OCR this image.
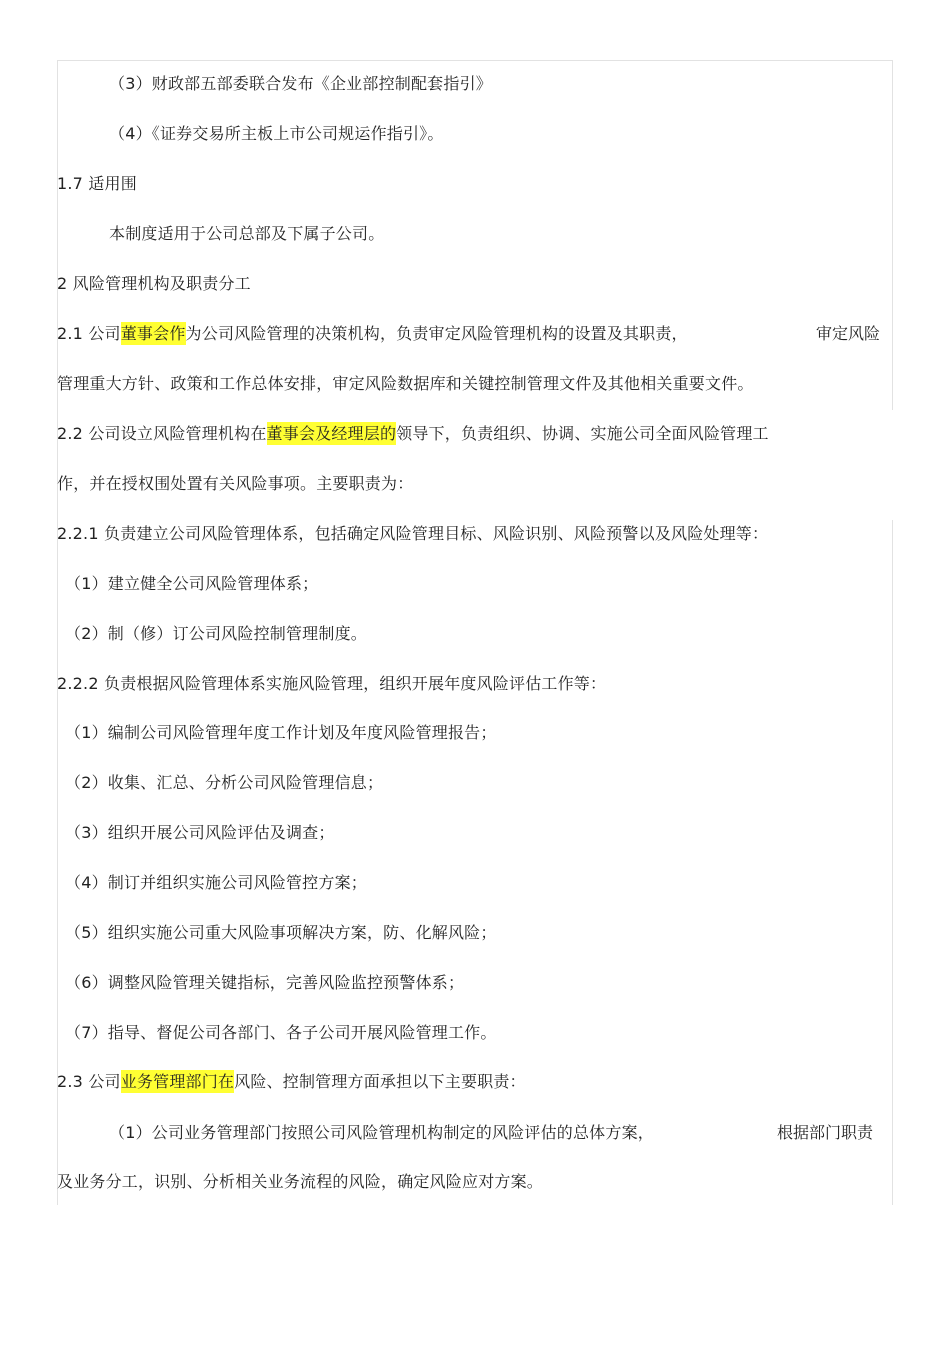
（3）财政部五部委联合发布《企业部控制配套指引》
（4）《证券交易所主板上市公司规运作指引》。
1.7 适用围
本制度适用于公司总部及下属子公司。
2 风险管理机构及职责分工
2.1 公司董事会作为公司风险管理的决策机构，负责审定风险管理机构的设置及其职责，	审定风险
管理重大方针、政策和工作总体安排，审定风险数据库和关键控制管理文件及其他相关重要文件。
2.2 公司设立风险管理机构在董事会及经理层的领导下，负责组织、协调、实施公司全面风险管理工
作，并在授权围处置有关风险事项。主要职责为：
2.2.1 负责建立公司风险管理体系，包括确定风险管理目标、风险识别、风险预警以及风险处理等：
（1）建立健全公司风险管理体系；
（2）制（修）订公司风险控制管理制度。
2.2.2 负责根据风险管理体系实施风险管理，组织开展年度风险评估工作等：
（1）编制公司风险管理年度工作计划及年度风险管理报告；
（2）收集、汇总、分析公司风险管理信息；
（3）组织开展公司风险评估及调查；
（4）制订并组织实施公司风险管控方案；
（5）组织实施公司重大风险事项解决方案，防、化解风险；
（6）调整风险管理关键指标，完善风险监控预警体系；
（7）指导、督促公司各部门、各子公司开展风险管理工作。
2.3 公司业务管理部门在风险、控制管理方面承担以下主要职责：
（1）公司业务管理部门按照公司风险管理机构制定的风险评估的总体方案，	根据部门职责
及业务分工，识别、分析相关业务流程的风险，确定风险应对方案。
